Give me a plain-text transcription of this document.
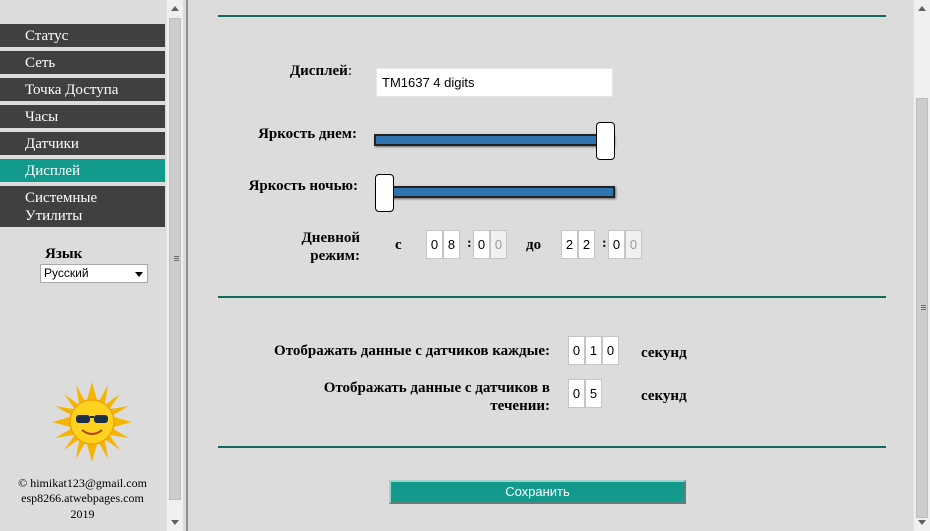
Статус
Сеть
Точка Доступа
Часы
Датчики
Дисплей
Системные Утилиты
Язык
Русский
© himikat123@gmail.com
esp8266.atwebpages.com
2019
Дисплей:
TM1637 4 digits
Яркость днем:
Яркость ночью:
Дневной режим:
с	0 8 : 0 0	до	2 2 : 0 0
Отображать данные с датчиков каждые:	0 1 0	секунд
Отображать данные с датчиков в течении:
0 5	секунд
Сохранить
